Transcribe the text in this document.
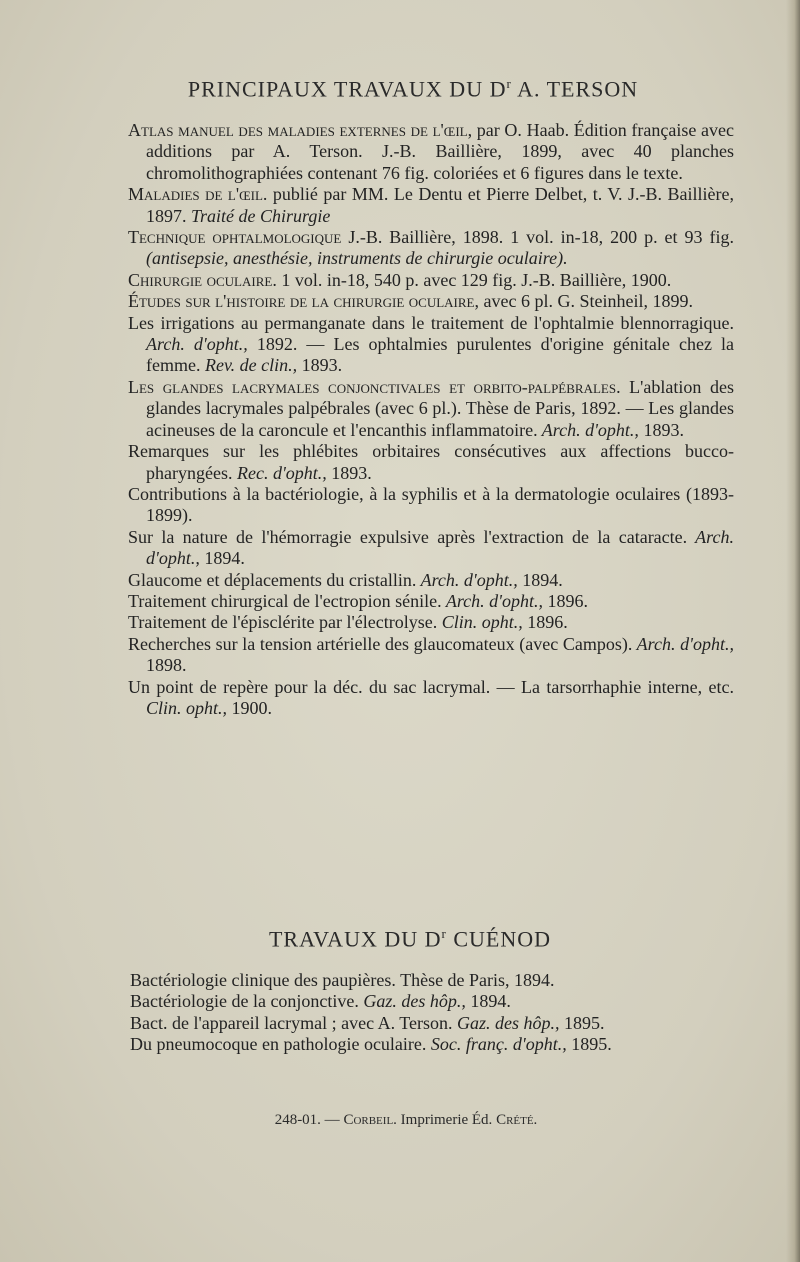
PRINCIPAUX TRAVAUX DU $D^r$ A. TERSON
Atlas manuel des maladies externes de l'œil, par O. Haab. Édition française avec additions par A. Terson. J.-B. Baillière, 1899, avec 40 planches chromolithographiées contenant 76 fig. coloriées et 6 figures dans le texte.
Maladies de l'œil. publié par MM. Le Dentu et Pierre Delbet, t. V. J.-B. Baillière, 1897. Traité de Chirurgie
Technique ophtalmologique J.-B. Baillière, 1898. 1 vol. in-18, 200 p. et 93 fig. (antisepsie, anesthésie, instruments de chirurgie oculaire).
Chirurgie oculaire. 1 vol. in-18, 540 p. avec 129 fig. J.-B. Baillière, 1900.
Études sur l'histoire de la chirurgie oculaire, avec 6 pl. G. Steinheil, 1899.
Les irrigations au permanganate dans le traitement de l'ophtalmie blennorragique. Arch. d'opht., 1892. — Les ophtalmies purulentes d'origine génitale chez la femme. Rev. de clin., 1893.
Les glandes lacrymales conjonctivales et orbito-palpébrales. L'ablation des glandes lacrymales palpébrales (avec 6 pl.). Thèse de Paris, 1892. — Les glandes acineuses de la caroncule et l'encanthis inflammatoire. Arch. d'opht., 1893.
Remarques sur les phlébites orbitaires consécutives aux affections bucco-pharyngées. Rec. d'opht., 1893.
Contributions à la bactériologie, à la syphilis et à la dermatologie oculaires (1893-1899).
Sur la nature de l'hémorragie expulsive après l'extraction de la cataracte. Arch. d'opht., 1894.
Glaucome et déplacements du cristallin. Arch. d'opht., 1894.
Traitement chirurgical de l'ectropion sénile. Arch. d'opht., 1896.
Traitement de l'épisclérite par l'électrolyse. Clin. opht., 1896.
Recherches sur la tension artérielle des glaucomateux (avec Campos). Arch. d'opht., 1898.
Un point de repère pour la déc. du sac lacrymal. — La tarsorrhaphie interne, etc. Clin. opht., 1900.
TRAVAUX DU $D^r$ CUÉNOD
Bactériologie clinique des paupières. Thèse de Paris, 1894.
Bactériologie de la conjonctive. Gaz. des hôp., 1894.
Bact. de l'appareil lacrymal ; avec A. Terson. Gaz. des hôp., 1895.
Du pneumocoque en pathologie oculaire. Soc. franç. d'opht., 1895.
248-01. — Corbeil. Imprimerie Éd. Crété.
